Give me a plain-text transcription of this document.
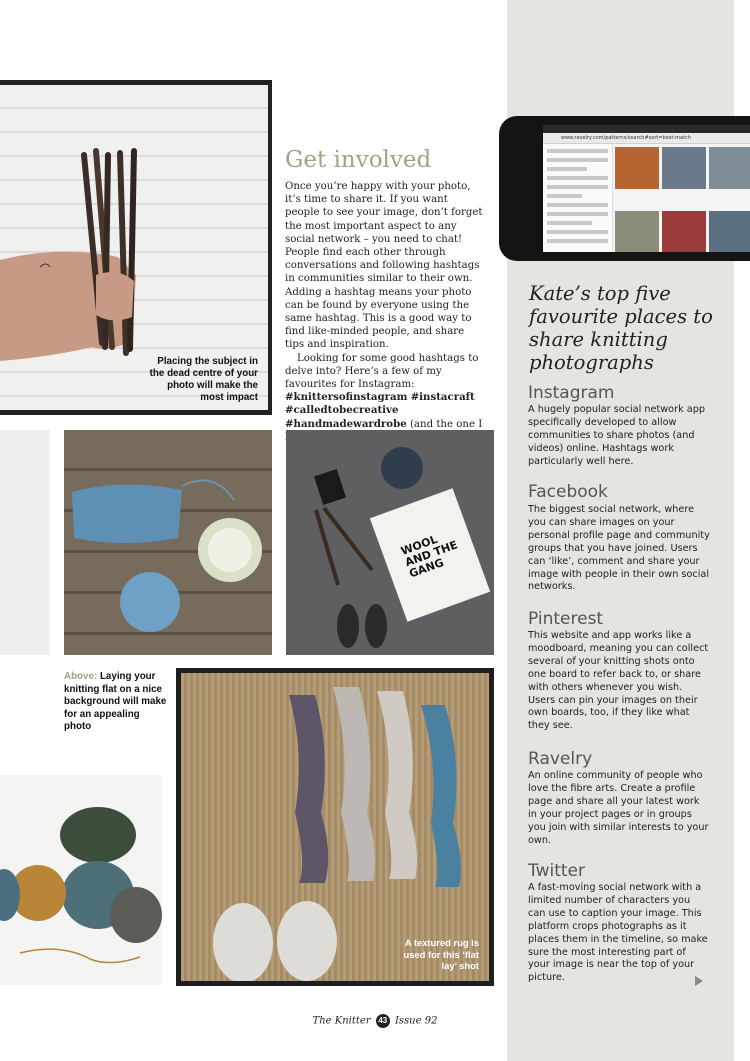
www.ravelry.com/patterns/search#sort=best-match
Kate’s top five favourite places to share knitting photographs
Instagram
A hugely popular social network app specifically developed to allow communities to share photos (and videos) online. Hashtags work particularly well here.
Facebook
The biggest social network, where you can share images on your personal profile page and community groups that you have joined. Users can ‘like’, comment and share your image with people in their own social networks.
Pinterest
This website and app works like a moodboard, meaning you can collect several of your knitting shots onto one board to refer back to, or share with others whenever you wish. Users can pin your images on their own boards, too, if they like what they see.
Ravelry
An online community of people who love the fibre arts. Create a profile page and share all your latest work in your project pages or in groups you join with similar interests to your own.
Twitter
A fast-moving social network with a limited number of characters you can use to caption your image. This platform crops photographs as it places them in the timeline, so make sure the most interesting part of your image is near the top of your picture.
Get involved

Once you’re happy with your photo, it’s time to share it. If you want people to see your image, don’t forget the most important aspect to any social network – you need to chat! People find each other through conversations and following hashtags in communities similar to their own. Adding a hashtag means your photo can be found by everyone using the same hashtag. This is a good way to find like-minded people, and share tips and inspiration.

Looking for some good hashtags to delve into? Here’s a few of my favourites for Instagram: #knittersofinstagram #instacraft #calledtobecreative #handmadewardrobe (and the one I

Placing the subject in the dead centre of your photo will make the most impact
WOOL AND THE GANG
Above: Laying your knitting flat on a nice background will make for an appealing photo
A textured rug is used for this ‘flat lay’ shot
The Knitter 43 Issue 92
